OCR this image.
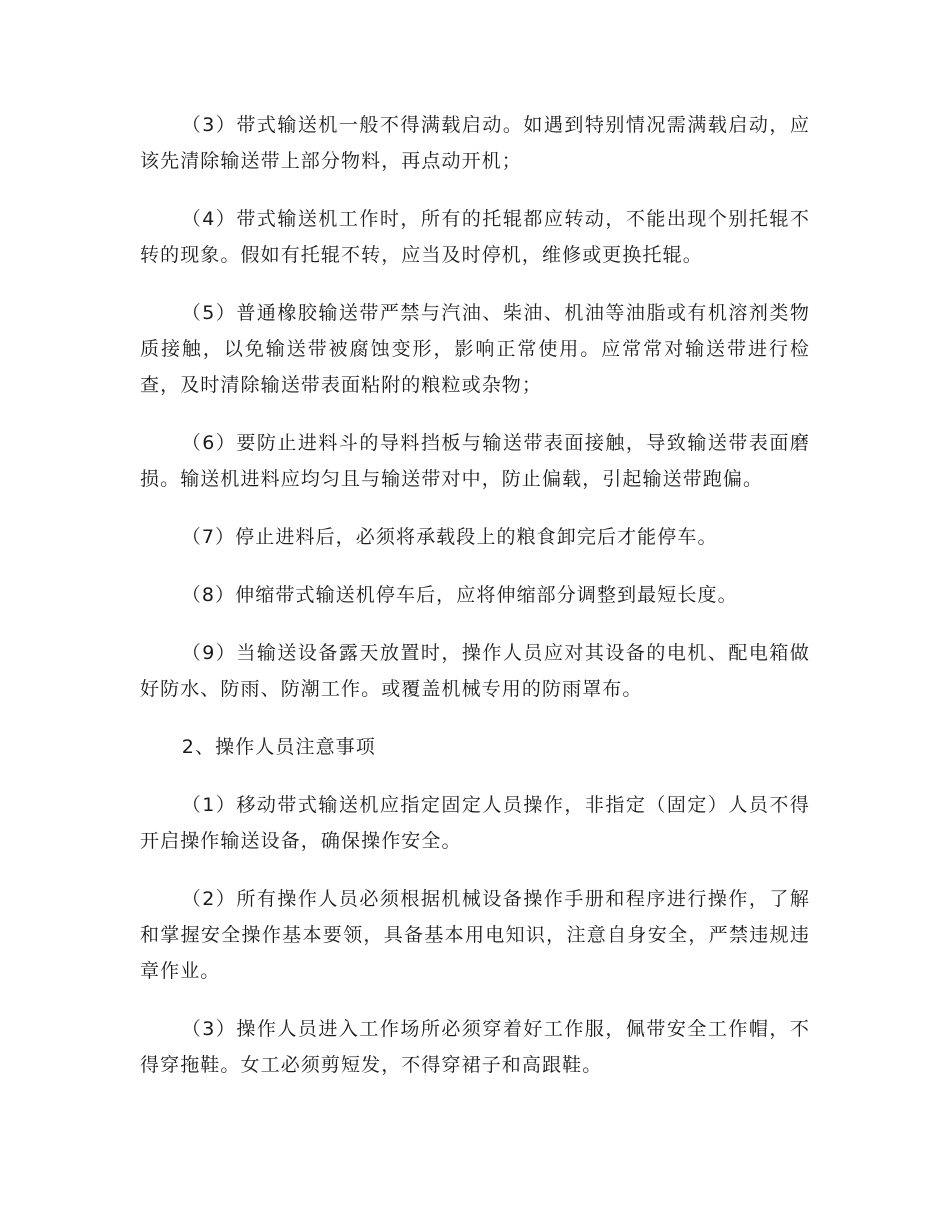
（3）带式输送机一般不得满载启动。如遇到特别情况需满载启动，应该先清除输送带上部分物料，再点动开机；

（4）带式输送机工作时，所有的托辊都应转动，不能出现个别托辊不转的现象。假如有托辊不转，应当及时停机，维修或更换托辊。

（5）普通橡胶输送带严禁与汽油、柴油、机油等油脂或有机溶剂类物质接触，以免输送带被腐蚀变形，影响正常使用。应常常对输送带进行检查，及时清除输送带表面粘附的粮粒或杂物；

（6）要防止进料斗的导料挡板与输送带表面接触，导致输送带表面磨损。输送机进料应均匀且与输送带对中，防止偏载，引起输送带跑偏。

（7）停止进料后，必须将承载段上的粮食卸完后才能停车。

（8）伸缩带式输送机停车后，应将伸缩部分调整到最短长度。

（9）当输送设备露天放置时，操作人员应对其设备的电机、配电箱做好防水、防雨、防潮工作。或覆盖机械专用的防雨罩布。

2、操作人员注意事项

（1）移动带式输送机应指定固定人员操作，非指定（固定）人员不得开启操作输送设备，确保操作安全。

（2）所有操作人员必须根据机械设备操作手册和程序进行操作，了解和掌握安全操作基本要领，具备基本用电知识，注意自身安全，严禁违规违章作业。

（3）操作人员进入工作场所必须穿着好工作服，佩带安全工作帽，不得穿拖鞋。女工必须剪短发，不得穿裙子和高跟鞋。
